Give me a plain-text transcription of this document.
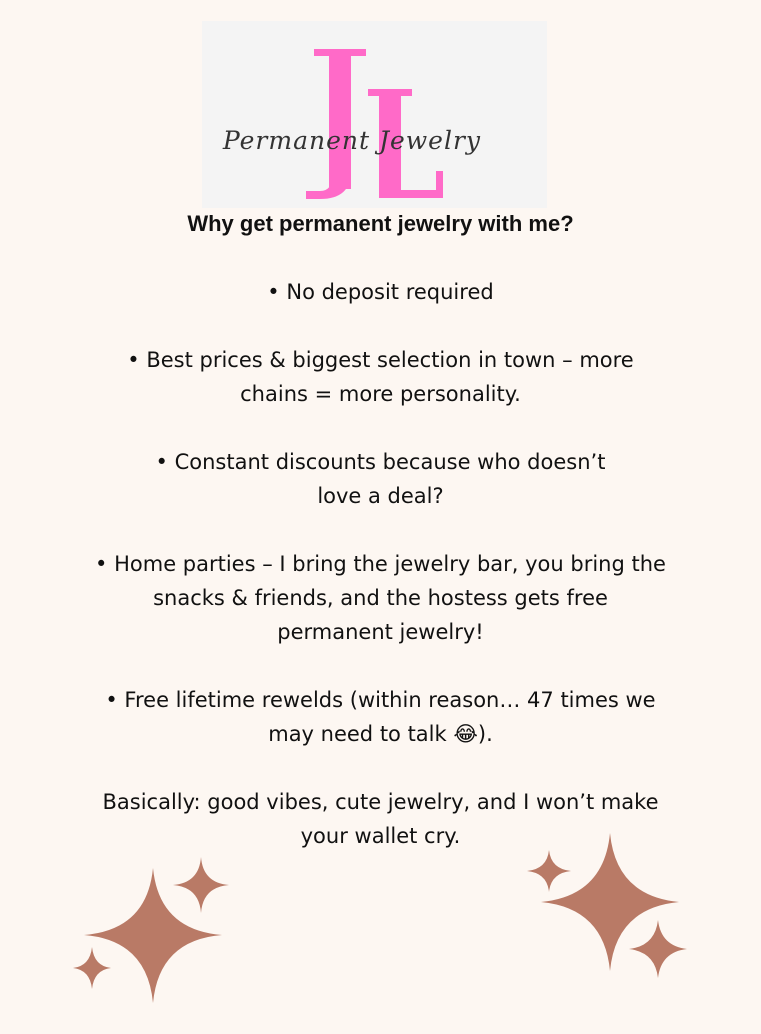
Permanent Jewelry

Why get permanent jewelry with me?

• No deposit required

• Best prices & biggest selection in town – more
chains = more personality.

• Constant discounts because who doesn’t
love a deal?

• Home parties – I bring the jewelry bar, you bring the
snacks & friends, and the hostess gets free
permanent jewelry!

• Free lifetime rewelds (within reason… 47 times we
may need to talk 😂).

Basically: good vibes, cute jewelry, and I won’t make
your wallet cry.
